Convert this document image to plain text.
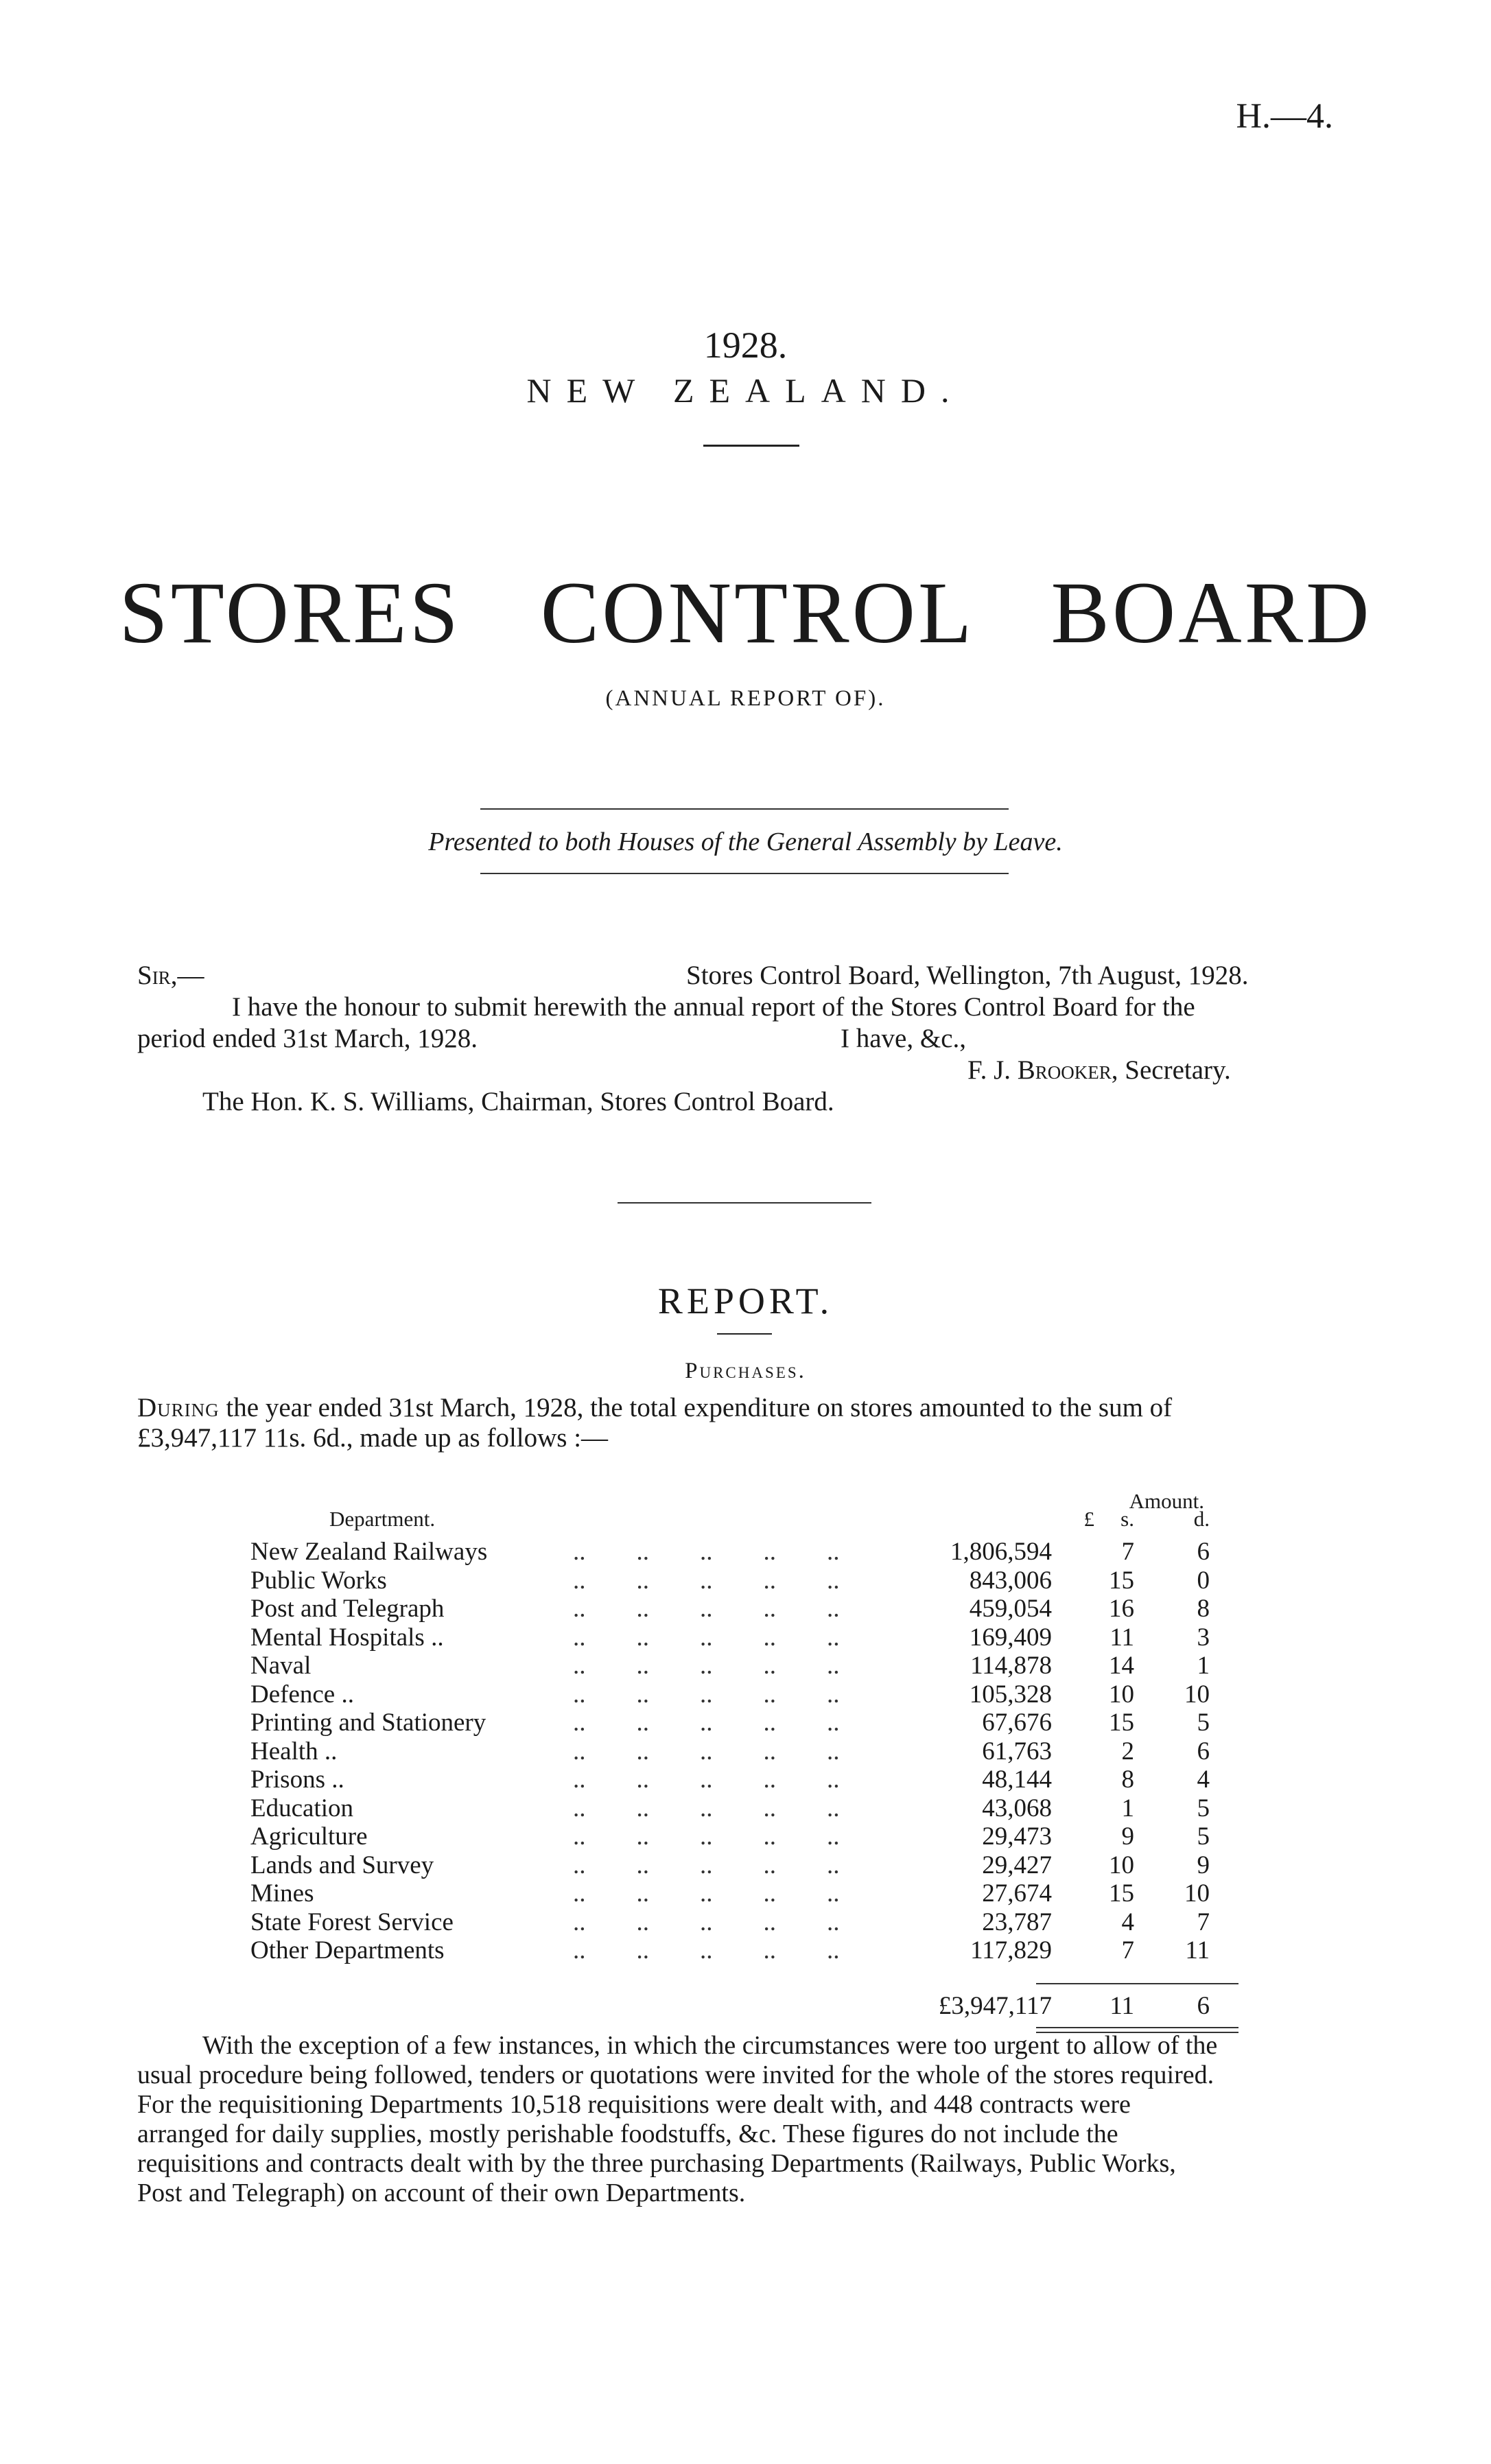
H.—4.
1928.
NEW ZEALAND.
STORES CONTROL BOARD
(ANNUAL REPORT OF).
Presented to both Houses of the General Assembly by Leave.
Sir,—	Stores Control Board, Wellington, 7th August, 1928.
I have the honour to submit herewith the annual report of the Stores Control Board for the
period ended 31st March, 1928.	I have, &c.,
F. J. Brooker, Secretary.
The Hon. K. S. Williams, Chairman, Stores Control Board.
REPORT.
Purchases.
During the year ended 31st March, 1928, the total expenditure on stores amounted to the sum of
£3,947,117 11s. 6d., made up as follows :—
Amount.
Department.	£	s.	d.
New Zealand Railways	..        ..        ..        ..        ..	1,806,594	7	6
Public Works	..        ..        ..        ..        ..	843,006	15	0
Post and Telegraph	..        ..        ..        ..        ..	459,054	16	8
Mental Hospitals ..	..        ..        ..        ..        ..	169,409	11	3
Naval	..        ..        ..        ..        ..	114,878	14	1
Defence ..	..        ..        ..        ..        ..	105,328	10	10
Printing and Stationery	..        ..        ..        ..        ..	67,676	15	5
Health ..	..        ..        ..        ..        ..	61,763	2	6
Prisons ..	..        ..        ..        ..        ..	48,144	8	4
Education	..        ..        ..        ..        ..	43,068	1	5
Agriculture	..        ..        ..        ..        ..	29,473	9	5
Lands and Survey	..        ..        ..        ..        ..	29,427	10	9
Mines	..        ..        ..        ..        ..	27,674	15	10
State Forest Service	..        ..        ..        ..        ..	23,787	4	7
Other Departments	..        ..        ..        ..        ..	117,829	7	11
£3,947,117	11	6
With the exception of a few instances, in which the circumstances were too urgent to allow of the
usual procedure being followed, tenders or quotations were invited for the whole of the stores required.
For the requisitioning Departments 10,518 requisitions were dealt with, and 448 contracts were
arranged for daily supplies, mostly perishable foodstuffs, &c. These figures do not include the
requisitions and contracts dealt with by the three purchasing Departments (Railways, Public Works,
Post and Telegraph) on account of their own Departments.
